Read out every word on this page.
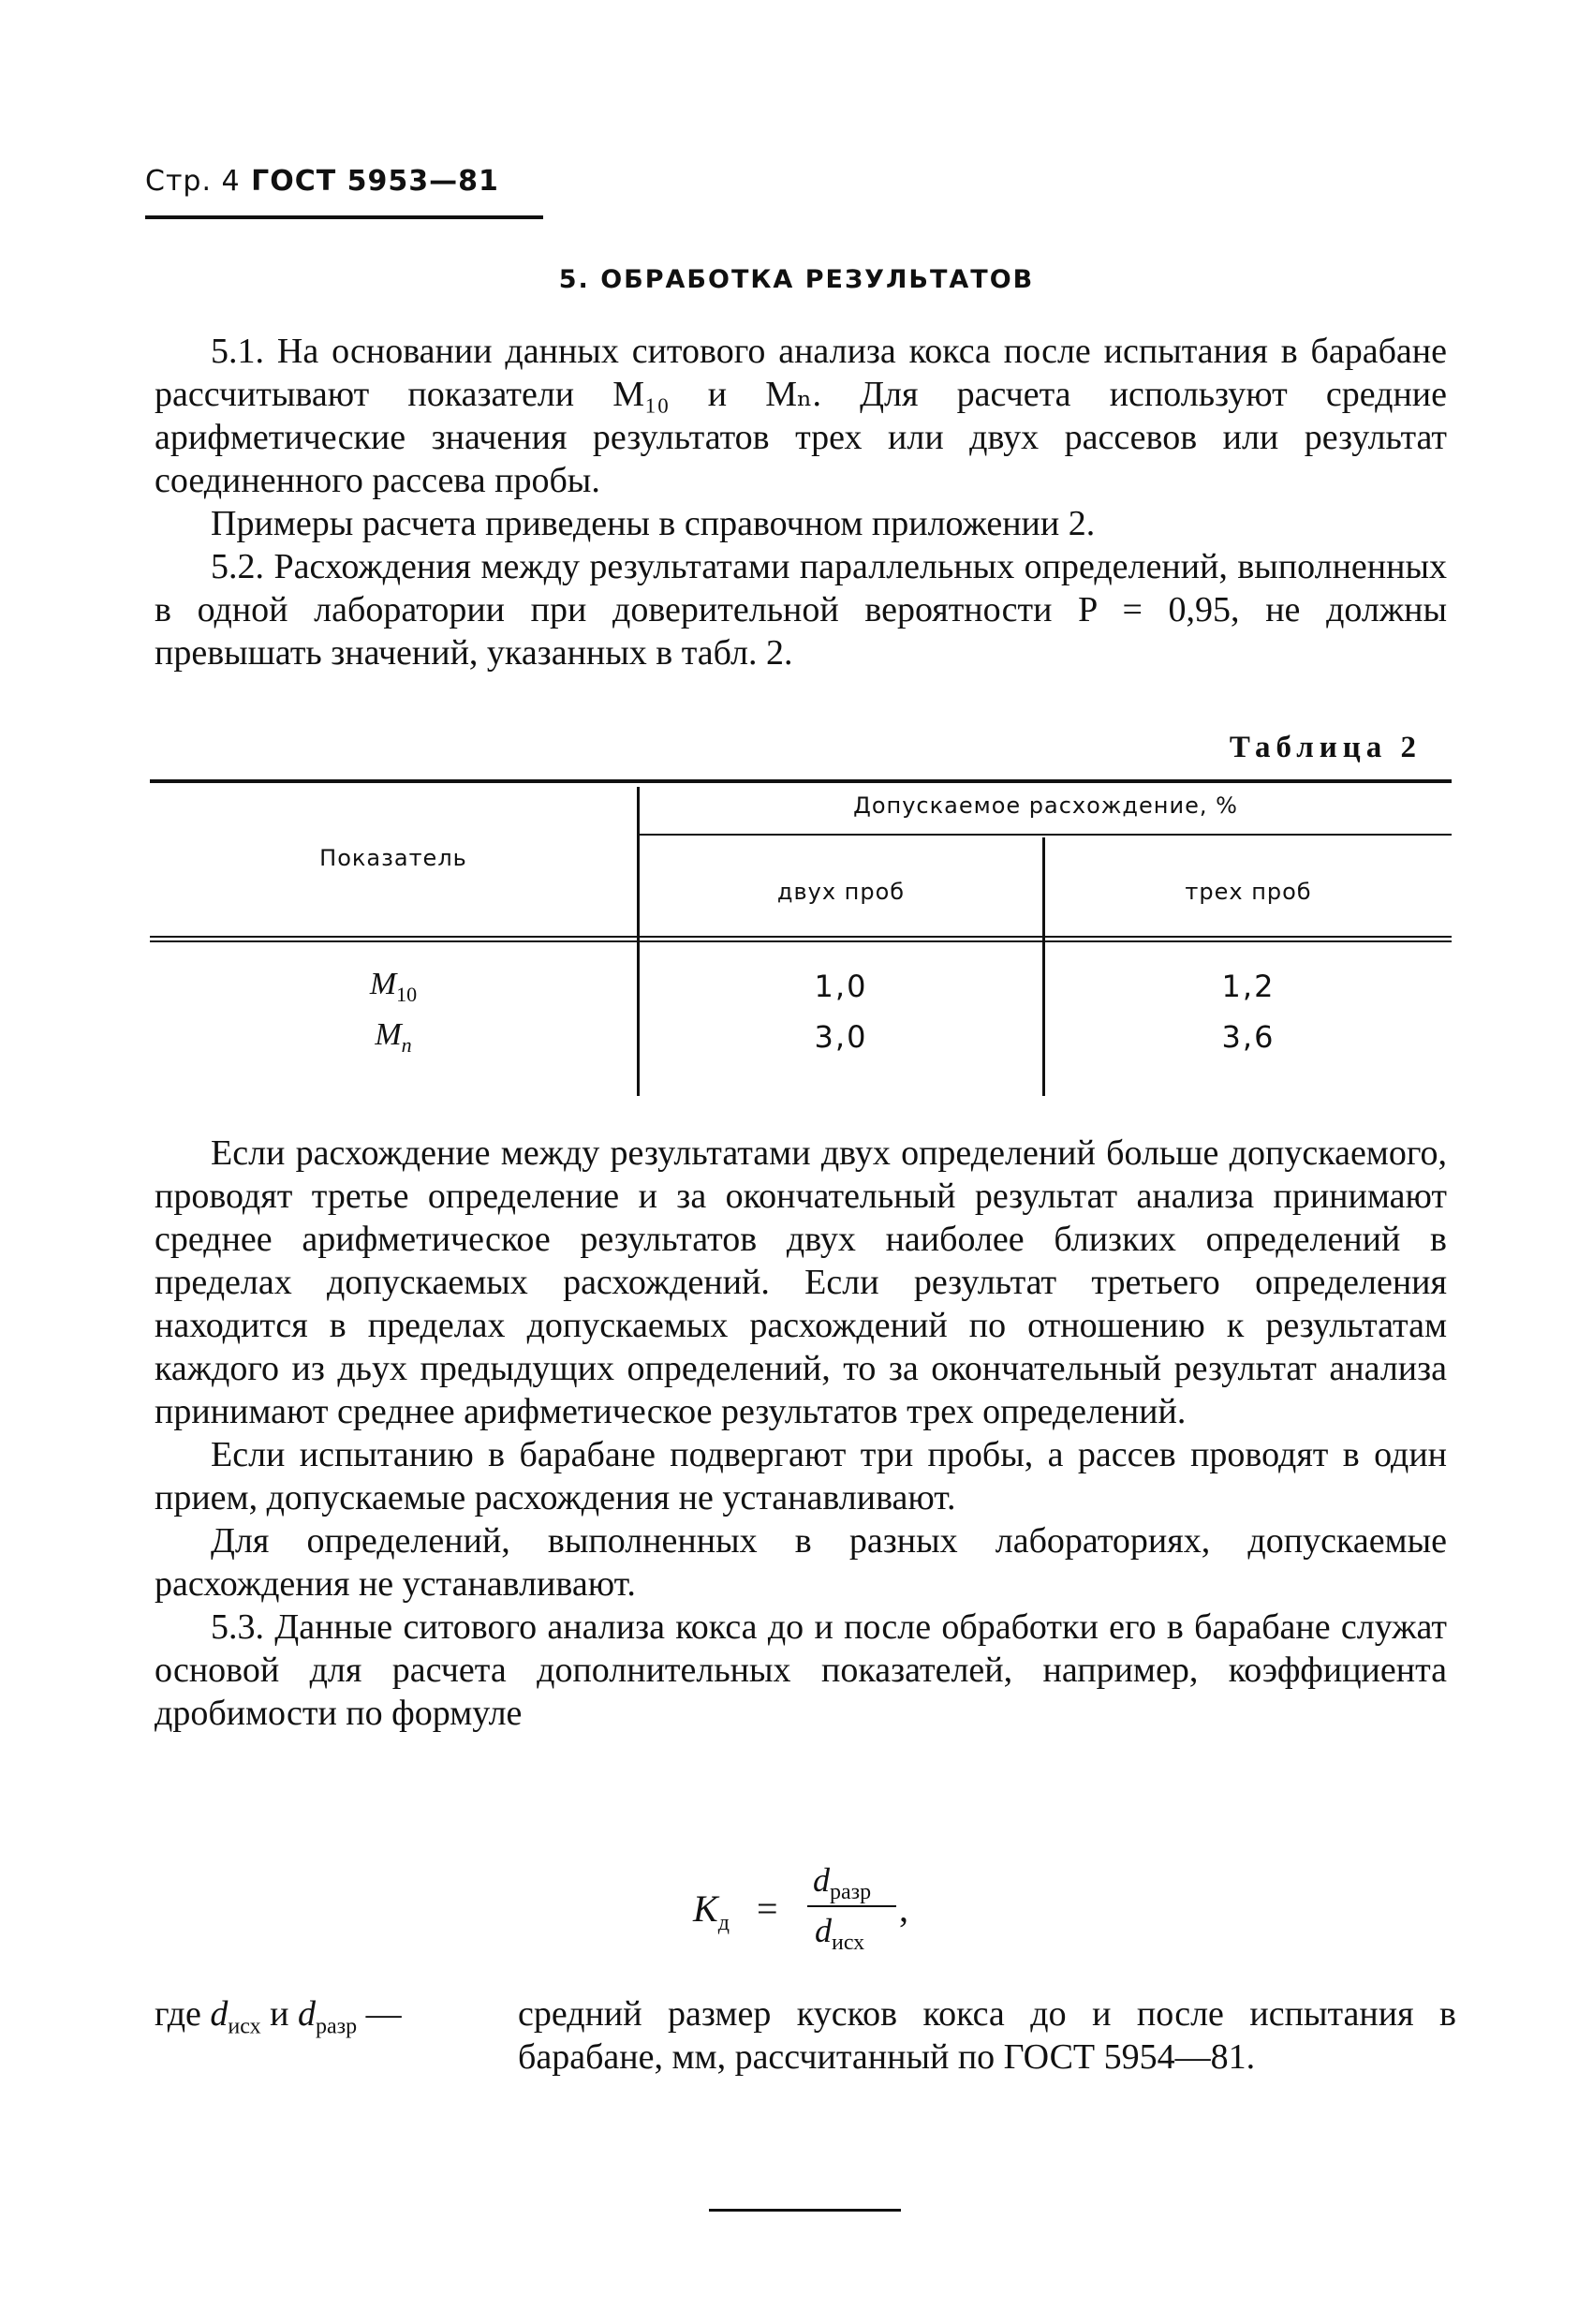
Стр. 4 ГОСТ 5953—81
5. ОБРАБОТКА РЕЗУЛЬТАТОВ

5.1. На основании данных ситового анализа кокса после испытания в барабане рассчитывают показатели M₁₀ и Mₙ. Для расчета используют средние арифметические значения результатов трех или двух рассевов или результат соединенного рассева пробы.

Примеры расчета приведены в справочном приложении 2.

5.2. Расхождения между результатами параллельных определений, выполненных в одной лаборатории при доверительной вероятности P = 0,95, не должны превышать значений, указанных в табл. 2.

Таблица 2
Показатель
Допускаемое расхождение, %
двух проб	трех проб
$M_{10}$	1,0	1,2
$M_n$	3,0	3,6

Если расхождение между результатами двух определений больше допускаемого, проводят третье определение и за окончательный результат анализа принимают среднее арифметическое результатов двух наиболее близких определений в пределах допускаемых расхождений. Если результат третьего определения находится в пределах допускаемых расхождений по отношению к результатам каждого из дьух предыдущих определений, то за окончательный результат анализа принимают среднее арифметическое результатов трех определений.

Если испытанию в барабане подвергают три пробы, а рассев проводят в один прием, допускаемые расхождения не устанавливают.

Для определений, выполненных в разных лабораториях, допускаемые расхождения не устанавливают.

5.3. Данные ситового анализа кокса до и после обработки его в барабане служат основой для расчета дополнительных показателей, например, коэффициента дробимости по формуле

$K_д$ =
$d_{разр}$
$d_{исх}$
,
где $d_{исх}$ и $d_{разр}$ —	средний размер кусков кокса до и после испытания в барабане, мм, рассчитанный по ГОСТ 5954—81.
